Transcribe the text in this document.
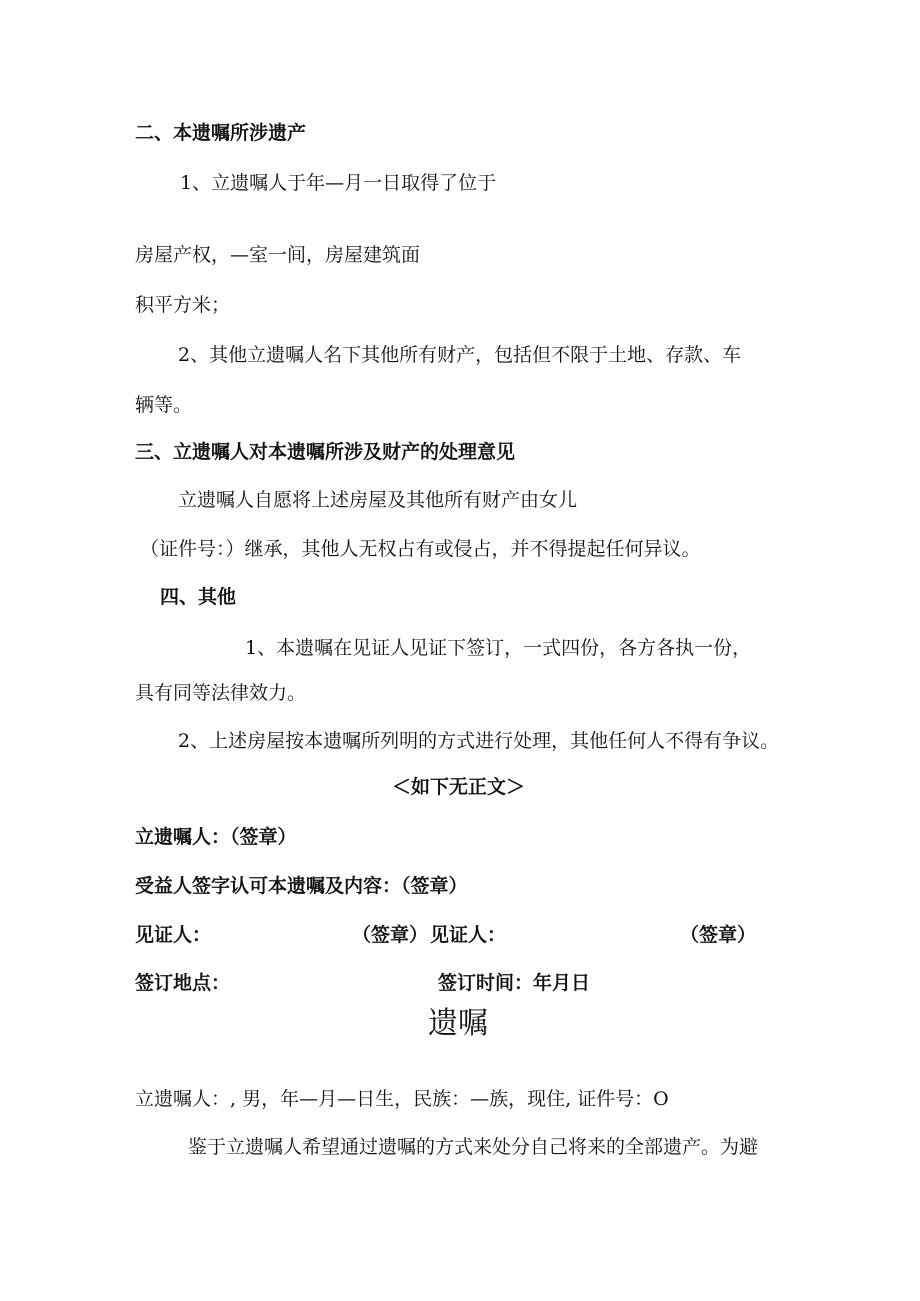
二、本遗嘱所涉遗产
1、立遗嘱人于年—月一日取得了位于
房屋产权，—室一间，房屋建筑面
积平方米；
2、其他立遗嘱人名下其他所有财产，包括但不限于土地、存款、车
辆等。
三、立遗嘱人对本遗嘱所涉及财产的处理意见
立遗嘱人自愿将上述房屋及其他所有财产由女儿
（证件号：）继承，其他人无权占有或侵占，并不得提起任何异议。
四、其他
1、本遗嘱在见证人见证下签订，一式四份，各方各执一份，
具有同等法律效力。
2、上述房屋按本遗嘱所列明的方式进行处理，其他任何人不得有争议。
＜如下无正文＞
立遗嘱人：（签章）
受益人签字认可本遗嘱及内容：（签章）
见证人：	（签章） 见证人：	（签章）
签订地点：	签订时间：年月日
遗嘱
立遗嘱人：, 男，年—月—日生，民族：—族，现住, 证件号：O
鉴于立遗嘱人希望通过遗嘱的方式来处分自己将来的全部遗产。为避
